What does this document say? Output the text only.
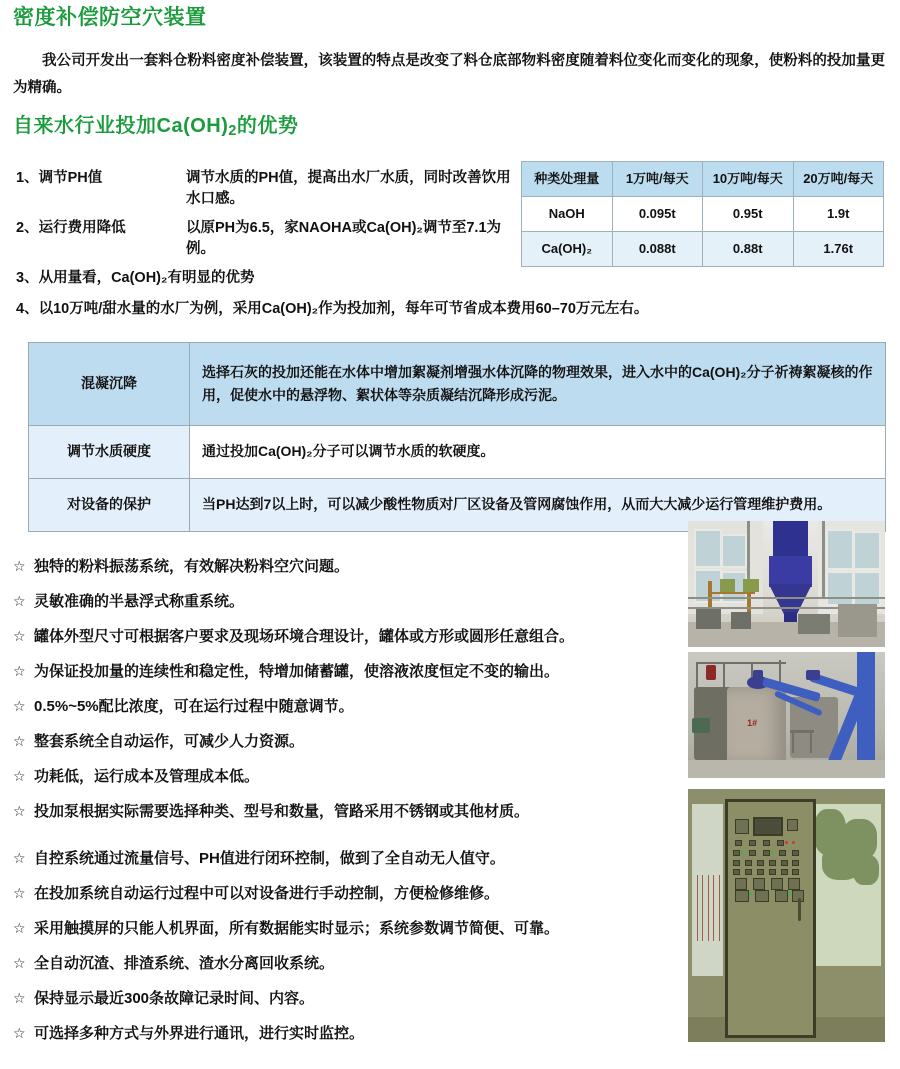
密度补偿防空穴装置
我公司开发出一套料仓粉料密度补偿装置，该装置的特点是改变了料仓底部物料密度随着料位变化而变化的现象，使粉料的投加量更为精确。
自来水行业投加$Ca(OH)_2$的优势
1、调节PH值	调节水质的PH值，提高出水厂水质，同时改善饮用水口感。
2、运行费用降低	以原PH为6.5，家NAOHA或Ca(OH)₂调节至7.1为例。
3、从用量看，Ca(OH)₂有明显的优势
4、以10万吨/甜水量的水厂为例，采用Ca(OH)₂作为投加剂，每年可节省成本费用60–70万元左右。
种类处理量	1万吨/每天	10万吨/每天	20万吨/每天
NaOH	0.095t	0.95t	1.9t
Ca(OH)₂	0.088t	0.88t	1.76t
混凝沉降	选择石灰的投加还能在水体中增加絮凝剂增强水体沉降的物理效果，进入水中的Ca(OH)₂分子祈祷絮凝核的作用，促使水中的悬浮物、絮状体等杂质凝结沉降形成污泥。
调节水质硬度	通过投加Ca(OH)₂分子可以调节水质的软硬度。
对设备的保护	当PH达到7以上时，可以减少酸性物质对厂区设备及管网腐蚀作用，从而大大减少运行管理维护费用。
☆ 独特的粉料振荡系统，有效解决粉料空穴问题。
☆ 灵敏准确的半悬浮式称重系统。
☆ 罐体外型尺寸可根据客户要求及现场环境合理设计，罐体或方形或圆形任意组合。
☆ 为保证投加量的连续性和稳定性，特增加储蓄罐，使溶液浓度恒定不变的输出。
☆ 0.5%~5%配比浓度，可在运行过程中随意调节。
☆ 整套系统全自动运作，可减少人力资源。
☆ 功耗低，运行成本及管理成本低。
☆ 投加泵根据实际需要选择种类、型号和数量，管路采用不锈钢或其他材质。
☆ 自控系统通过流量信号、PH值进行闭环控制，做到了全自动无人值守。
☆ 在投加系统自动运行过程中可以对设备进行手动控制，方便检修维修。
☆ 采用触摸屏的只能人机界面，所有数据能实时显示；系统参数调节简便、可靠。
☆ 全自动沉渣、排渣系统、渣水分离回收系统。
☆ 保持显示最近300条故障记录时间、内容。
☆ 可选择多种方式与外界进行通讯，进行实时监控。
1#
